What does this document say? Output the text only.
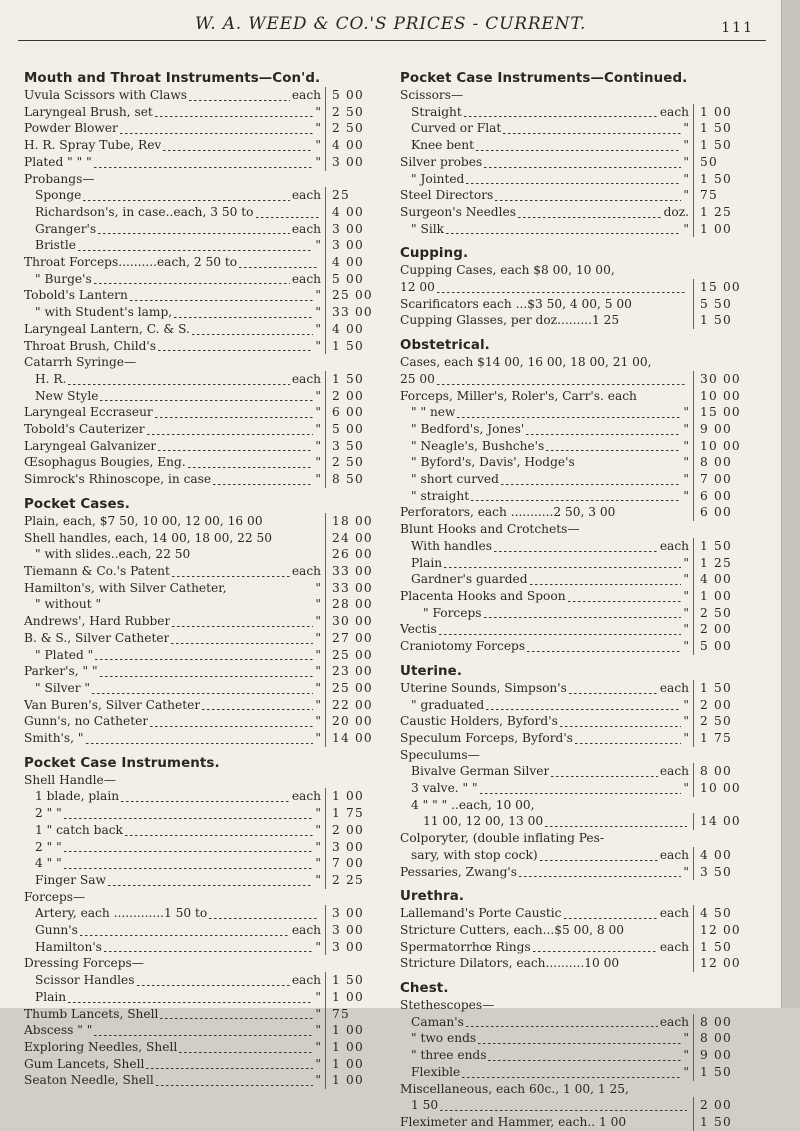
W. A. WEED & CO.'S PRICES - CURRENT.	111
Mouth and Throat Instruments—Con'd.
Uvula Scissors with Claws	each 5 00
Laryngeal Brush, set	" 2 50
Powder Blower	" 2 50
H. R. Spray Tube, Rev	" 4 00
Plated " " "	" 3 00
Probangs—
Sponge	each 25
Richardson's, in case..each, 3 50 to	4 00
Granger's	each 3 00
Bristle	" 3 00
Throat Forceps..........each, 2 50 to	4 00
" Burge's	each 5 00
Tobold's Lantern	" 25 00
" with Student's lamp,	" 33 00
Laryngeal Lantern, C. & S.	" 4 00
Throat Brush, Child's	" 1 50
Catarrh Syringe—
H. R.	each 1 50
New Style	" 2 00
Laryngeal Eccraseur	" 6 00
Tobold's Cauterizer	" 5 00
Laryngeal Galvanizer	" 3 50
Œsophagus Bougies, Eng.	" 2 50
Simrock's Rhinoscope, in case	" 8 50
Pocket Cases.
Plain, each, $7 50, 10 00, 12 00, 16 00	18 00
Shell handles, each, 14 00, 18 00, 22 50	24 00
" with slides..each, 22 50	26 00
Tiemann & Co.'s Patent	each 33 00
Hamilton's, with Silver Catheter,	" 33 00
" without "	" 28 00
Andrews', Hard Rubber	" 30 00
B. & S., Silver Catheter	" 27 00
" Plated "	" 25 00
Parker's, " "	" 23 00
" Silver "	" 25 00
Van Buren's, Silver Catheter	" 22 00
Gunn's, no Catheter	" 20 00
Smith's, "	" 14 00
Pocket Case Instruments.
Shell Handle—
1 blade, plain	each 1 00
2 " "	" 1 75
1 " catch back	" 2 00
2 " "	" 3 00
4 " "	" 7 00
Finger Saw	" 2 25
Forceps—
Artery, each .............1 50 to	3 00
Gunn's	each 3 00
Hamilton's	" 3 00
Dressing Forceps—
Scissor Handles	each 1 50
Plain	" 1 00
Thumb Lancets, Shell	" 75
Abscess " "	" 1 00
Exploring Needles, Shell	" 1 00
Gum Lancets, Shell	" 1 00
Seaton Needle, Shell	" 1 00
Pocket Case Instruments—Continued.
Scissors—
Straight	each 1 00
Curved or Flat	" 1 50
Knee bent	" 1 50
Silver probes	" 50
" Jointed	" 1 50
Steel Directors	" 75
Surgeon's Needles	doz. 1 25
" Silk	" 1 00
Cupping.
Cupping Cases, each $8 00, 10 00,
12 00	15 00
Scarificators each ...$3 50, 4 00, 5 00	5 50
Cupping Glasses, per doz.........1 25	1 50
Obstetrical.
Cases, each $14 00, 16 00, 18 00, 21 00,
25 00	30 00
Forceps, Miller's, Roler's, Carr's. each	10 00
" " new	" 15 00
" Bedford's, Jones'	" 9 00
" Neagle's, Bushche's	" 10 00
" Byford's, Davis', Hodge's	" 8 00
" short curved	" 7 00
" straight	" 6 00
Perforators, each ...........2 50, 3 00	6 00
Blunt Hooks and Crotchets—
With handles	each 1 50
Plain	" 1 25
Gardner's guarded	" 4 00
Placenta Hooks and Spoon	" 1 00
" Forceps	" 2 50
Vectis	" 2 00
Craniotomy Forceps	" 5 00
Uterine.
Uterine Sounds, Simpson's	each 1 50
" graduated	" 2 00
Caustic Holders, Byford's	" 2 50
Speculum Forceps, Byford's	" 1 75
Speculums—
Bivalve German Silver	each 8 00
3 valve. " "	" 10 00
4 " " " ..each, 10 00,
11 00, 12 00, 13 00	14 00
Colporyter, (double inflating Pes-
sary, with stop cock)	each 4 00
Pessaries, Zwang's	" 3 50
Urethra.
Lallemand's Porte Caustic	each 4 50
Stricture Cutters, each...$5 00, 8 00	12 00
Spermatorrhœ Rings	each 1 50
Stricture Dilators, each..........10 00	12 00
Chest.
Stethescopes—
Caman's	each 8 00
" two ends	" 8 00
" three ends	" 9 00
Flexible	" 1 50
Miscellaneous, each 60c., 1 00, 1 25,
1 50	2 00
Fleximeter and Hammer, each.. 1 00	1 50
